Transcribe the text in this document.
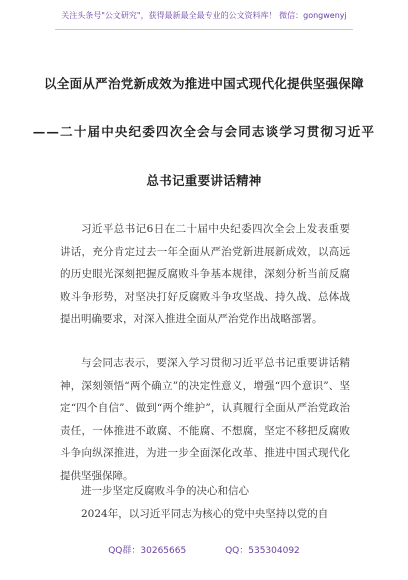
关注头条号"公文研究"，获得最新最全最专业的公文资料库！ 微信：gongwenyj
以全面从严治党新成效为推进中国式现代化提供坚强保障
——二十届中央纪委四次全会与会同志谈学习贯彻习近平
总书记重要讲话精神

习近平总书记6日在二十届中央纪委四次全会上发表重要讲话，充分肯定过去一年全面从严治党新进展新成效，以高远的历史眼光深刻把握反腐败斗争基本规律，深刻分析当前反腐败斗争形势，对坚决打好反腐败斗争攻坚战、持久战、总体战提出明确要求，对深入推进全面从严治党作出战略部署。

与会同志表示，要深入学习贯彻习近平总书记重要讲话精神，深刻领悟“两个确立”的决定性意义，增强“四个意识”、坚定“四个自信”、做到“两个维护”，认真履行全面从严治党政治责任，一体推进不敢腐、不能腐、不想腐，坚定不移把反腐败斗争向纵深推进，为进一步全面深化改革、推进中国式现代化提供坚强保障。

进一步坚定反腐败斗争的决心和信心
2024年，以习近平同志为核心的党中央坚持以党的自
QQ群：30265665	QQ：535304092
